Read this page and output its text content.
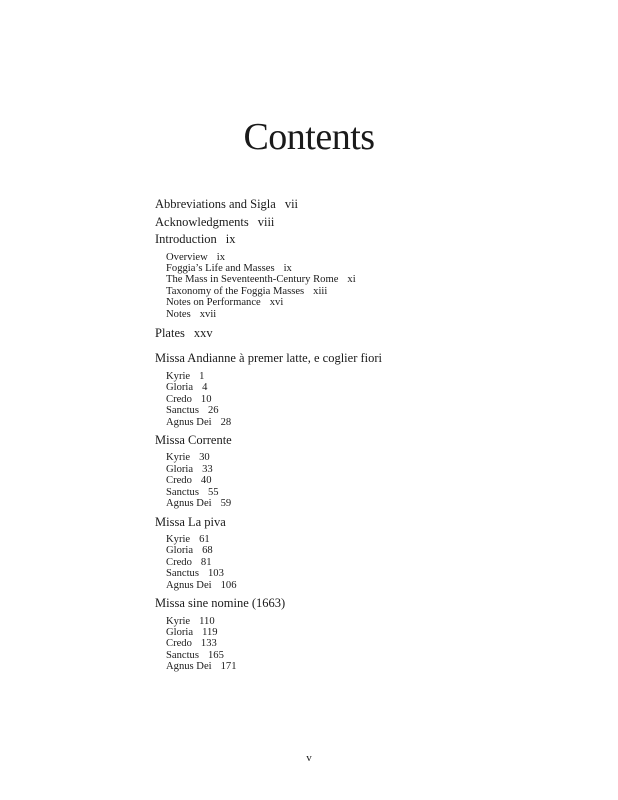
Contents
Abbreviations and Sigla vii
Acknowledgments viii
Introduction ix
Overview ix
Foggia’s Life and Masses ix
The Mass in Seventeenth-Century Rome xi
Taxonomy of the Foggia Masses xiii
Notes on Performance xvi
Notes xvii
Plates xxv
Missa Andianne à premer latte, e coglier fiori
Kyrie 1
Gloria 4
Credo 10
Sanctus 26
Agnus Dei 28
Missa Corrente
Kyrie 30
Gloria 33
Credo 40
Sanctus 55
Agnus Dei 59
Missa La piva
Kyrie 61
Gloria 68
Credo 81
Sanctus 103
Agnus Dei 106
Missa sine nomine (1663)
Kyrie 110
Gloria 119
Credo 133
Sanctus 165
Agnus Dei 171
v
